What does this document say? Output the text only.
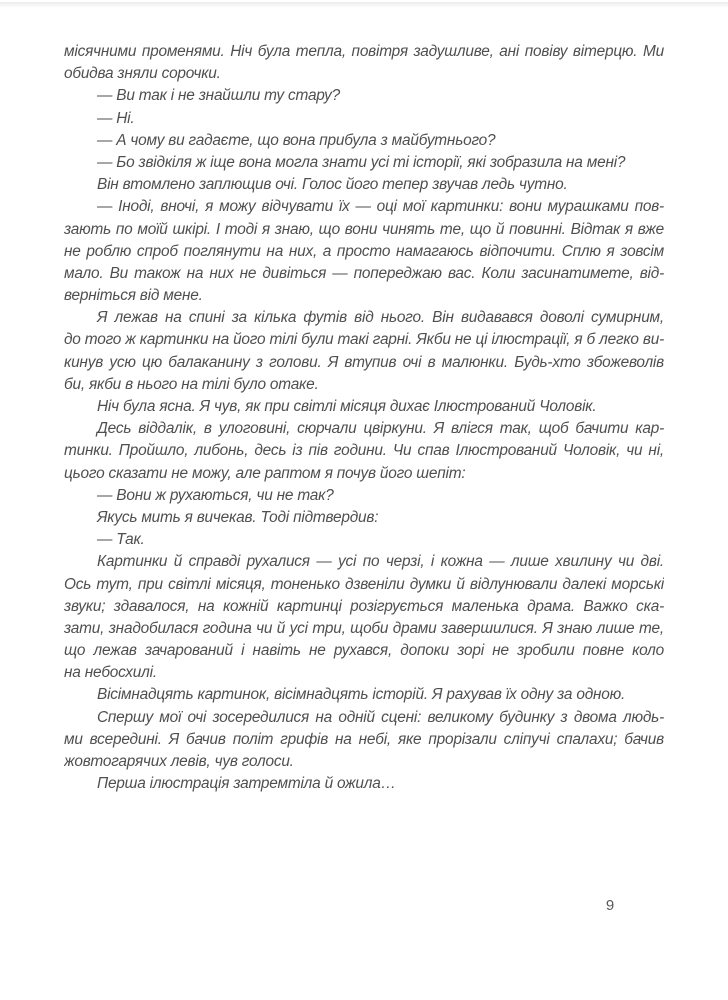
місячними променями. Ніч була тепла, повітря задушливе, ані повіву вітерцю. Ми
обидва зняли сорочки.
— Ви так і не знайшли ту стару?
— Ні.
— А чому ви гадаєте, що вона прибула з майбутнього?
— Бо звідкіля ж іще вона могла знати усі ті історії, які зобразила на мені?
Він втомлено заплющив очі. Голос його тепер звучав ледь чутно.
— Іноді, вночі, я можу відчувати їх — оці мої картинки: вони мурашками пов-
зають по моїй шкірі. І тоді я знаю, що вони чинять те, що й повинні. Відтак я вже
не роблю спроб поглянути на них, а просто намагаюсь відпочити. Сплю я зовсім
мало. Ви також на них не дивіться — попереджаю вас. Коли засинатимете, від-
верніться від мене.
Я лежав на спині за кілька футів від нього. Він видавався доволі сумирним,
до того ж картинки на його тілі були такі гарні. Якби не ці ілюстрації, я б легко ви-
кинув усю цю балаканину з голови. Я втупив очі в малюнки. Будь-хто збожеволів
би, якби в нього на тілі було отаке.
Ніч була ясна. Я чув, як при світлі місяця дихає Ілюстрований Чоловік.
Десь віддалік, в улоговині, сюрчали цвіркуни. Я влігся так, щоб бачити кар-
тинки. Пройшло, либонь, десь із пів години. Чи спав Ілюстрований Чоловік, чи ні,
цього сказати не можу, але раптом я почув його шепіт:
— Вони ж рухаються, чи не так?
Якусь мить я вичекав. Тоді підтвердив:
— Так.
Картинки й справді рухалися — усі по черзі, і кожна — лише хвилину чи дві.
Ось тут, при світлі місяця, тоненько дзвеніли думки й відлунювали далекі морські
звуки; здавалося, на кожній картинці розігрується маленька драма. Важко ска-
зати, знадобилася година чи й усі три, щоби драми завершилися. Я знаю лише те,
що лежав зачарований і навіть не рухався, допоки зорі не зробили повне коло
на небосхилі.
Вісімнадцять картинок, вісімнадцять історій. Я рахував їх одну за одною.
Спершу мої очі зосередилися на одній сцені: великому будинку з двома людь-
ми всередині. Я бачив політ грифів на небі, яке прорізали сліпучі спалахи; бачив
жовтогарячих левів, чув голоси.
Перша ілюстрація затремтіла й ожила…
9
